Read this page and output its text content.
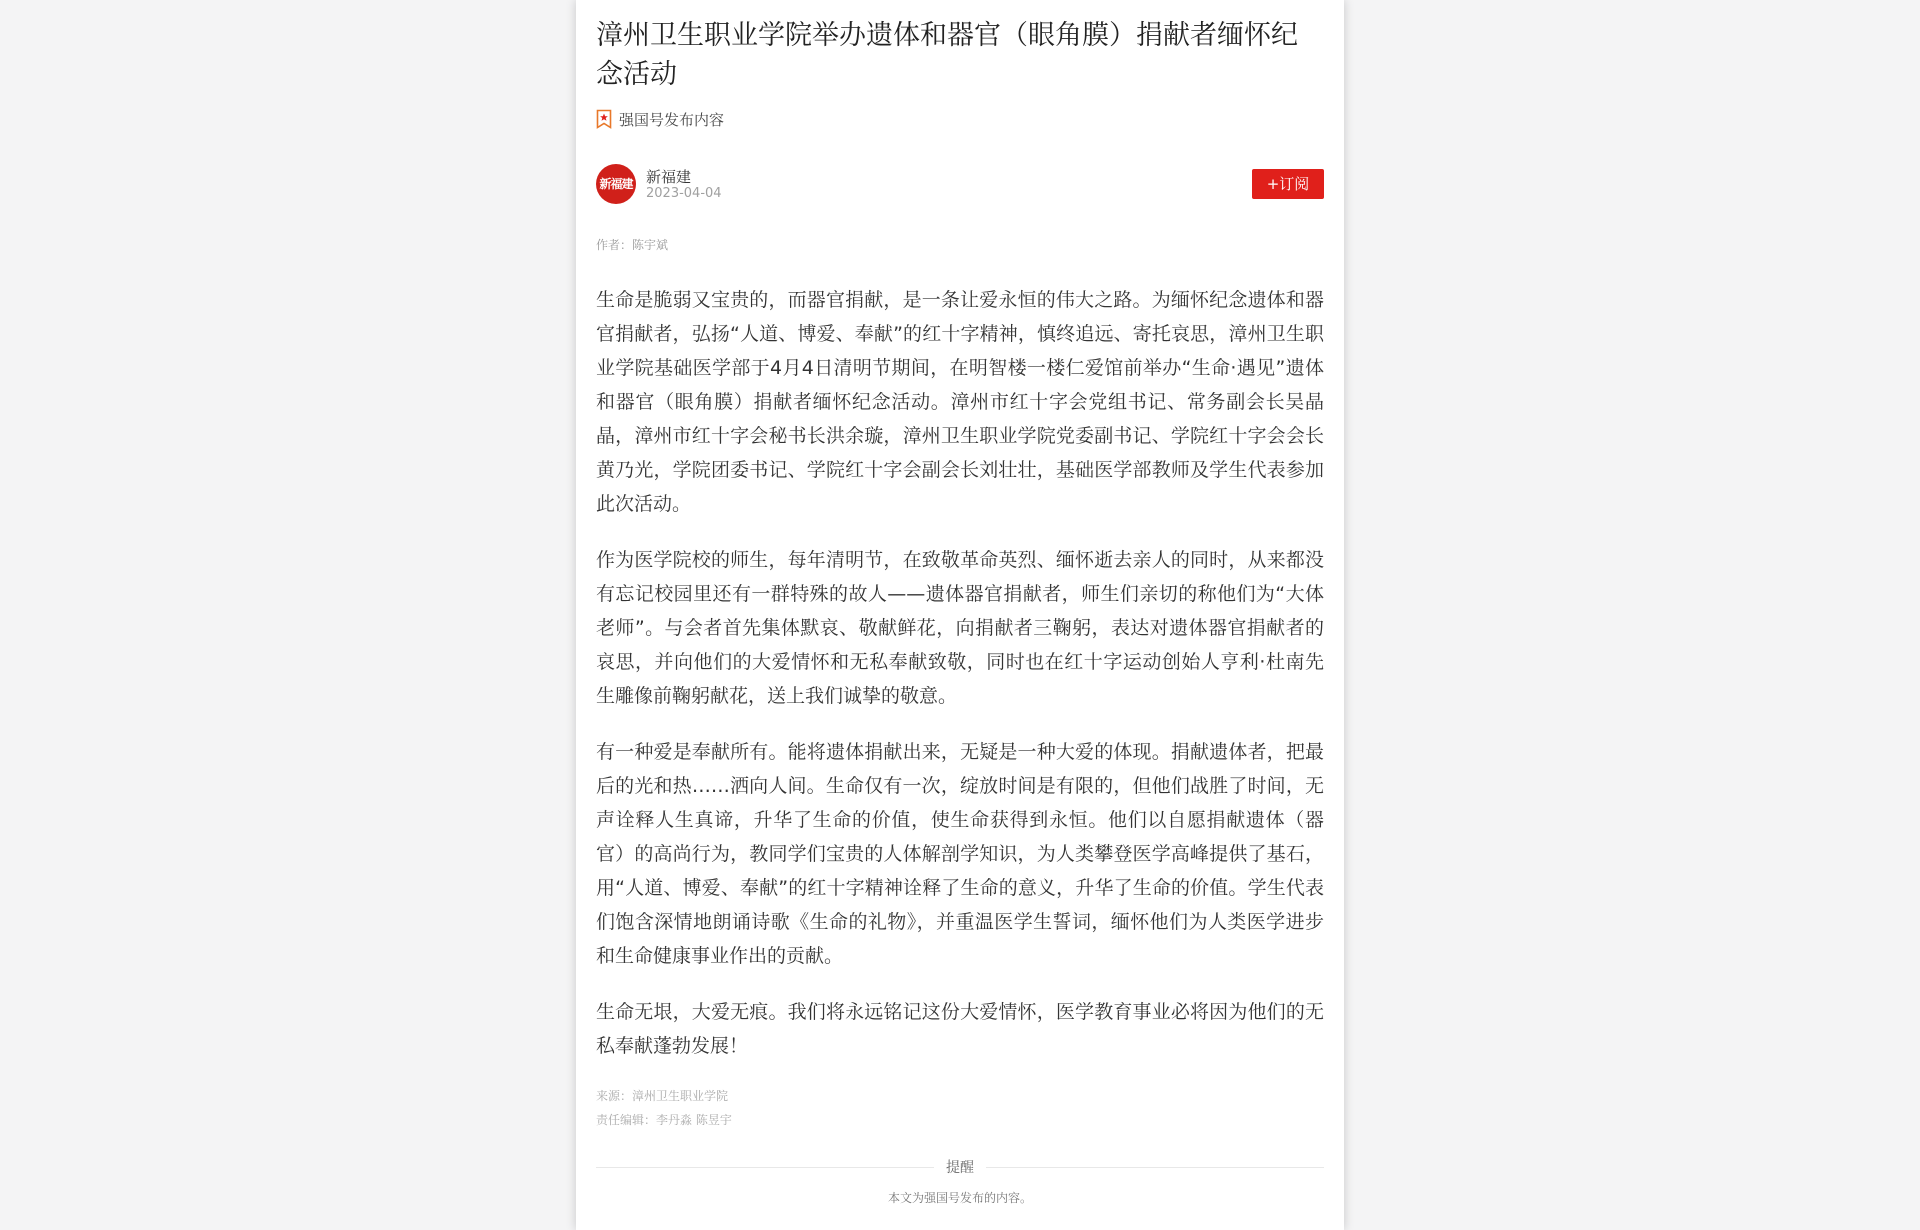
漳州卫生职业学院举办遗体和器官（眼角膜）捐献者缅怀纪念活动
强国号发布内容
新福建 新福建
2023-04-04
+订阅
作者：陈宇斌

生命是脆弱又宝贵的，而器官捐献，是一条让爱永恒的伟大之路。为缅怀纪念遗体和器官捐献者，弘扬“人道、博爱、奉献”的红十字精神，慎终追远、寄托哀思，漳州卫生职业学院基础医学部于4月4日清明节期间，在明智楼一楼仁爱馆前举办“生命·遇见”遗体和器官（眼角膜）捐献者缅怀纪念活动。漳州市红十字会党组书记、常务副会长吴晶晶，漳州市红十字会秘书长洪余璇，漳州卫生职业学院党委副书记、学院红十字会会长黄乃光，学院团委书记、学院红十字会副会长刘壮壮，基础医学部教师及学生代表参加此次活动。

作为医学院校的师生，每年清明节，在致敬革命英烈、缅怀逝去亲人的同时，从来都没有忘记校园里还有一群特殊的故人——遗体器官捐献者，师生们亲切的称他们为“大体老师”。与会者首先集体默哀、敬献鲜花，向捐献者三鞠躬，表达对遗体器官捐献者的哀思，并向他们的大爱情怀和无私奉献致敬，同时也在红十字运动创始人亨利·杜南先生雕像前鞠躬献花，送上我们诚挚的敬意。

有一种爱是奉献所有。能将遗体捐献出来，无疑是一种大爱的体现。捐献遗体者，把最后的光和热……洒向人间。生命仅有一次，绽放时间是有限的，但他们战胜了时间，无声诠释人生真谛，升华了生命的价值，使生命获得到永恒。他们以自愿捐献遗体（器官）的高尚行为，教同学们宝贵的人体解剖学知识，为人类攀登医学高峰提供了基石，用“人道、博爱、奉献”的红十字精神诠释了生命的意义，升华了生命的价值。学生代表们饱含深情地朗诵诗歌《生命的礼物》，并重温医学生誓词，缅怀他们为人类医学进步和生命健康事业作出的贡献。

生命无垠，大爱无痕。我们将永远铭记这份大爱情怀，医学教育事业必将因为他们的无私奉献蓬勃发展！

来源：漳州卫生职业学院
责任编辑：李丹淼 陈昱宇
提醒
本文为强国号发布的内容。
